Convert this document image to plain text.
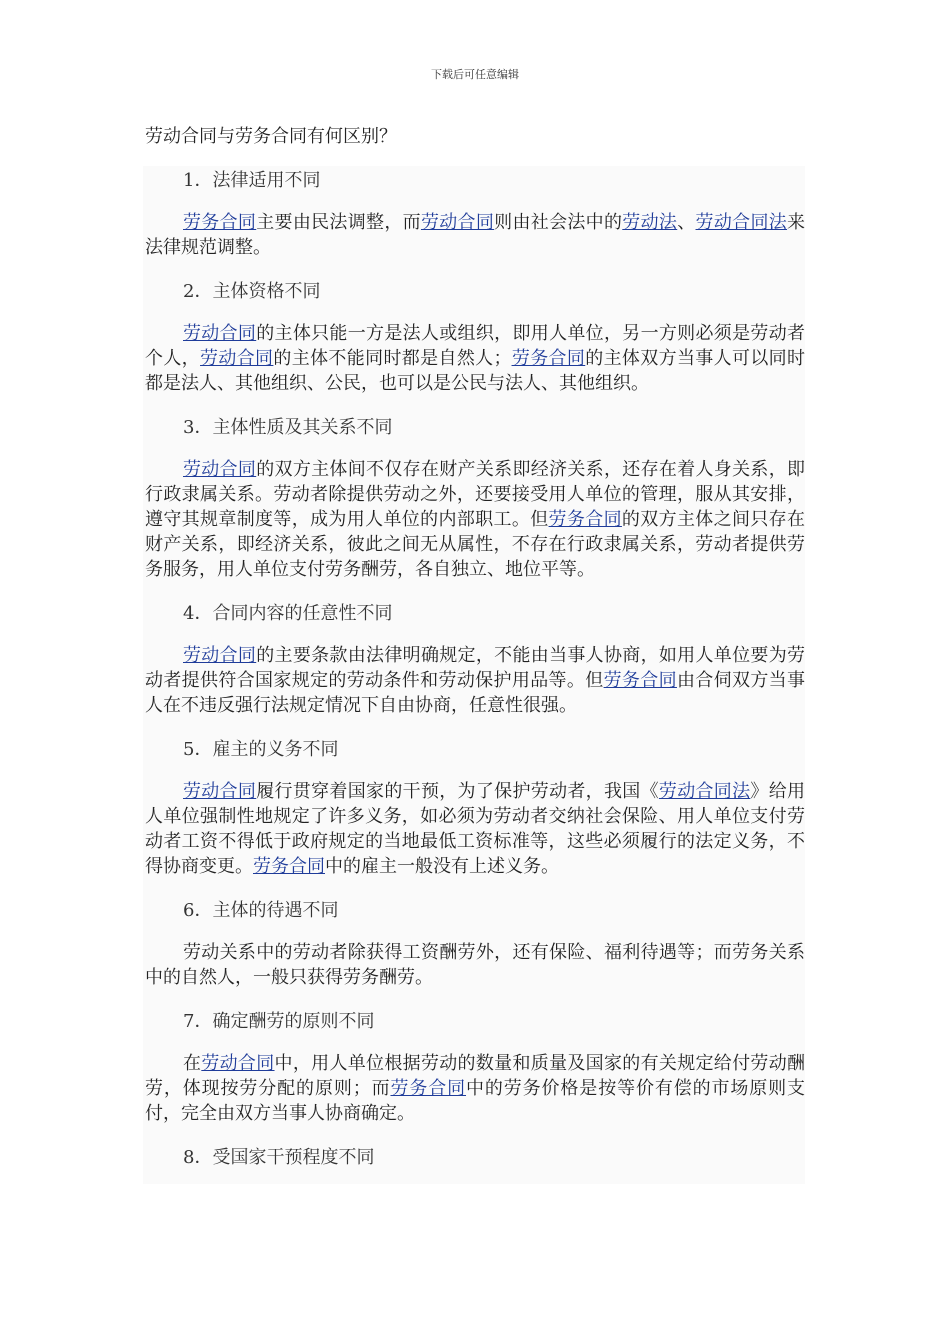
下载后可任意编辑
劳动合同与劳务合同有何区别？
1．法律适用不同
劳务合同主要由民法调整，而劳动合同则由社会法中的劳动法、劳动合同法来法律规范调整。
2．主体资格不同
劳动合同的主体只能一方是法人或组织，即用人单位，另一方则必须是劳动者个人，劳动合同的主体不能同时都是自然人；劳务合同的主体双方当事人可以同时都是法人、其他组织、公民，也可以是公民与法人、其他组织。
3．主体性质及其关系不同
劳动合同的双方主体间不仅存在财产关系即经济关系，还存在着人身关系，即行政隶属关系。劳动者除提供劳动之外，还要接受用人单位的管理，服从其安排，遵守其规章制度等，成为用人单位的内部职工。但劳务合同的双方主体之间只存在财产关系，即经济关系，彼此之间无从属性，不存在行政隶属关系，劳动者提供劳务服务，用人单位支付劳务酬劳，各自独立、地位平等。
4．合同内容的任意性不同
劳动合同的主要条款由法律明确规定，不能由当事人协商，如用人单位要为劳动者提供符合国家规定的劳动条件和劳动保护用品等。但劳务合同由合伺双方当事人在不违反强行法规定情况下自由协商，任意性很强。
5．雇主的义务不同
劳动合同履行贯穿着国家的干预，为了保护劳动者，我国《劳动合同法》给用人单位强制性地规定了许多义务，如必须为劳动者交纳社会保险、用人单位支付劳动者工资不得低于政府规定的当地最低工资标准等，这些必须履行的法定义务，不得协商变更。劳务合同中的雇主一般没有上述义务。
6．主体的待遇不同
劳动关系中的劳动者除获得工资酬劳外，还有保险、福利待遇等；而劳务关系中的自然人，一般只获得劳务酬劳。
7．确定酬劳的原则不同
在劳动合同中，用人单位根据劳动的数量和质量及国家的有关规定给付劳动酬劳，体现按劳分配的原则；而劳务合同中的劳务价格是按等价有偿的市场原则支付，完全由双方当事人协商确定。
8．受国家干预程度不同
